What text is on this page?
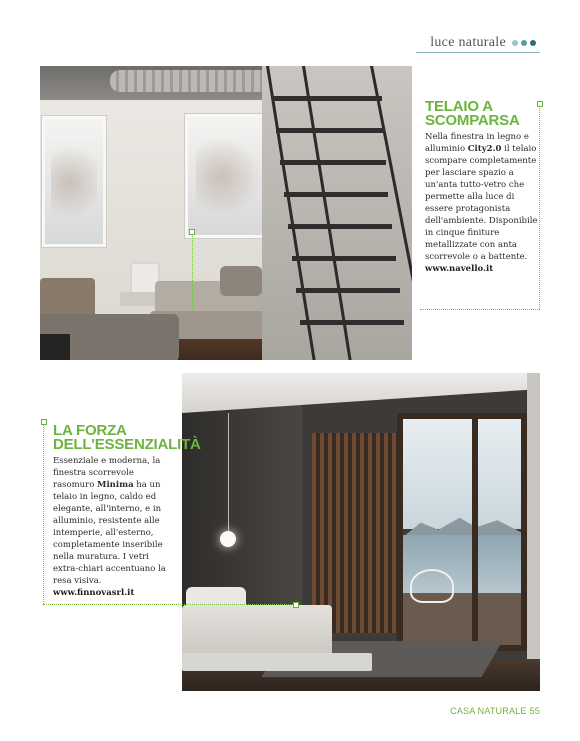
luce naturale
TELAIO A
SCOMPARSA

Nella finestra in legno e alluminio City2.0 il telaio scompare completamente per lasciare spazio a un'anta tutto-vetro che permette alla luce di essere protagonista dell'ambiente. Disponibile in cinque finiture metallizzate con anta scorrevole o a battente.

www.navello.it
LA FORZA
DELL'ESSENZIALITÀ

Essenziale e moderna, la finestra scorrevole rasomuro Minima ha un telaio in legno, caldo ed elegante, all'interno, e in alluminio, resistente alle intemperie, all'esterno, completamente inseribile nella muratura. I vetri extra-chiari accentuano la resa visiva.

www.finnovasrl.it
CASA NATURALE 55
